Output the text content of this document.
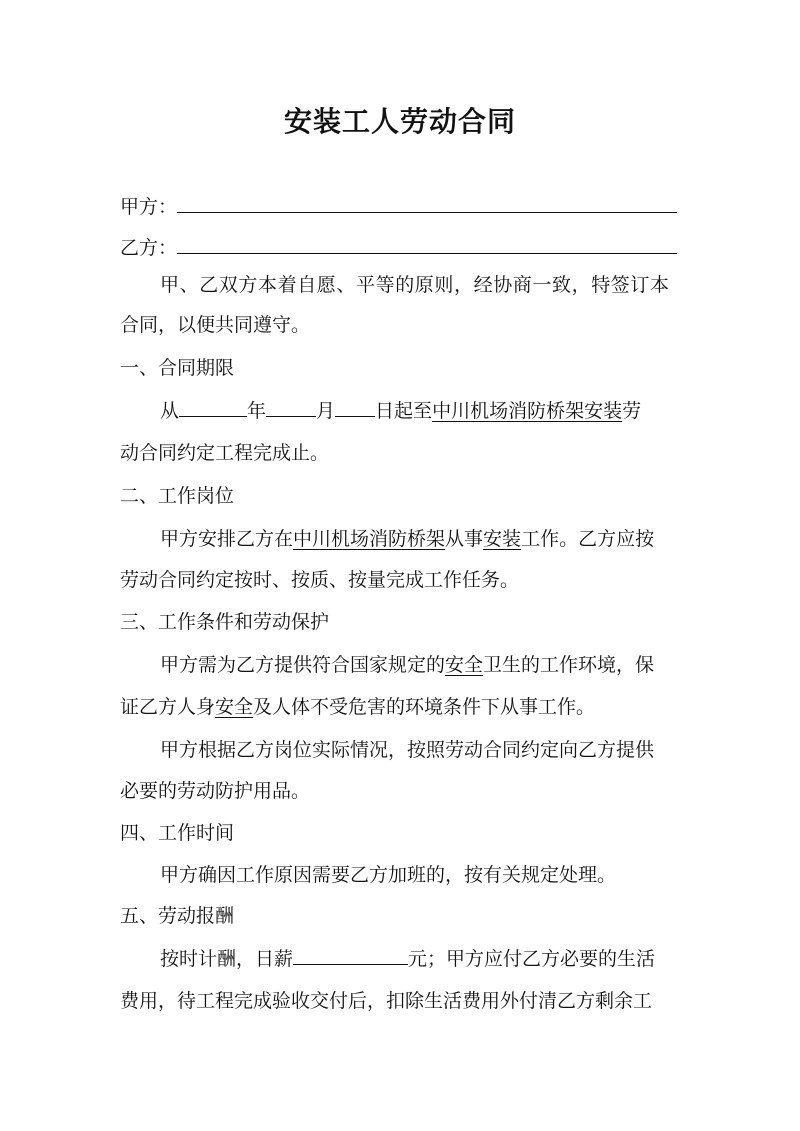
安装工人劳动合同
甲方：
乙方：
甲、乙双方本着自愿、平等的原则，经协商一致，特签订本
合同，以便共同遵守。
一、合同期限
从	年	月 日起至中川机场消防桥架安装劳
动合同约定工程完成止。
二、工作岗位
甲方安排乙方在中川机场消防桥架从事安装工作。乙方应按
劳动合同约定按时、按质、按量完成工作任务。
三、工作条件和劳动保护
甲方需为乙方提供符合国家规定的安全卫生的工作环境，保
证乙方人身安全及人体不受危害的环境条件下从事工作。
甲方根据乙方岗位实际情况，按照劳动合同约定向乙方提供
必要的劳动防护用品。
四、工作时间
甲方确因工作原因需要乙方加班的，按有关规定处理。
五、劳动报酬
按时计酬，日薪	元；甲方应付乙方必要的生活
费用，待工程完成验收交付后，扣除生活费用外付清乙方剩余工
